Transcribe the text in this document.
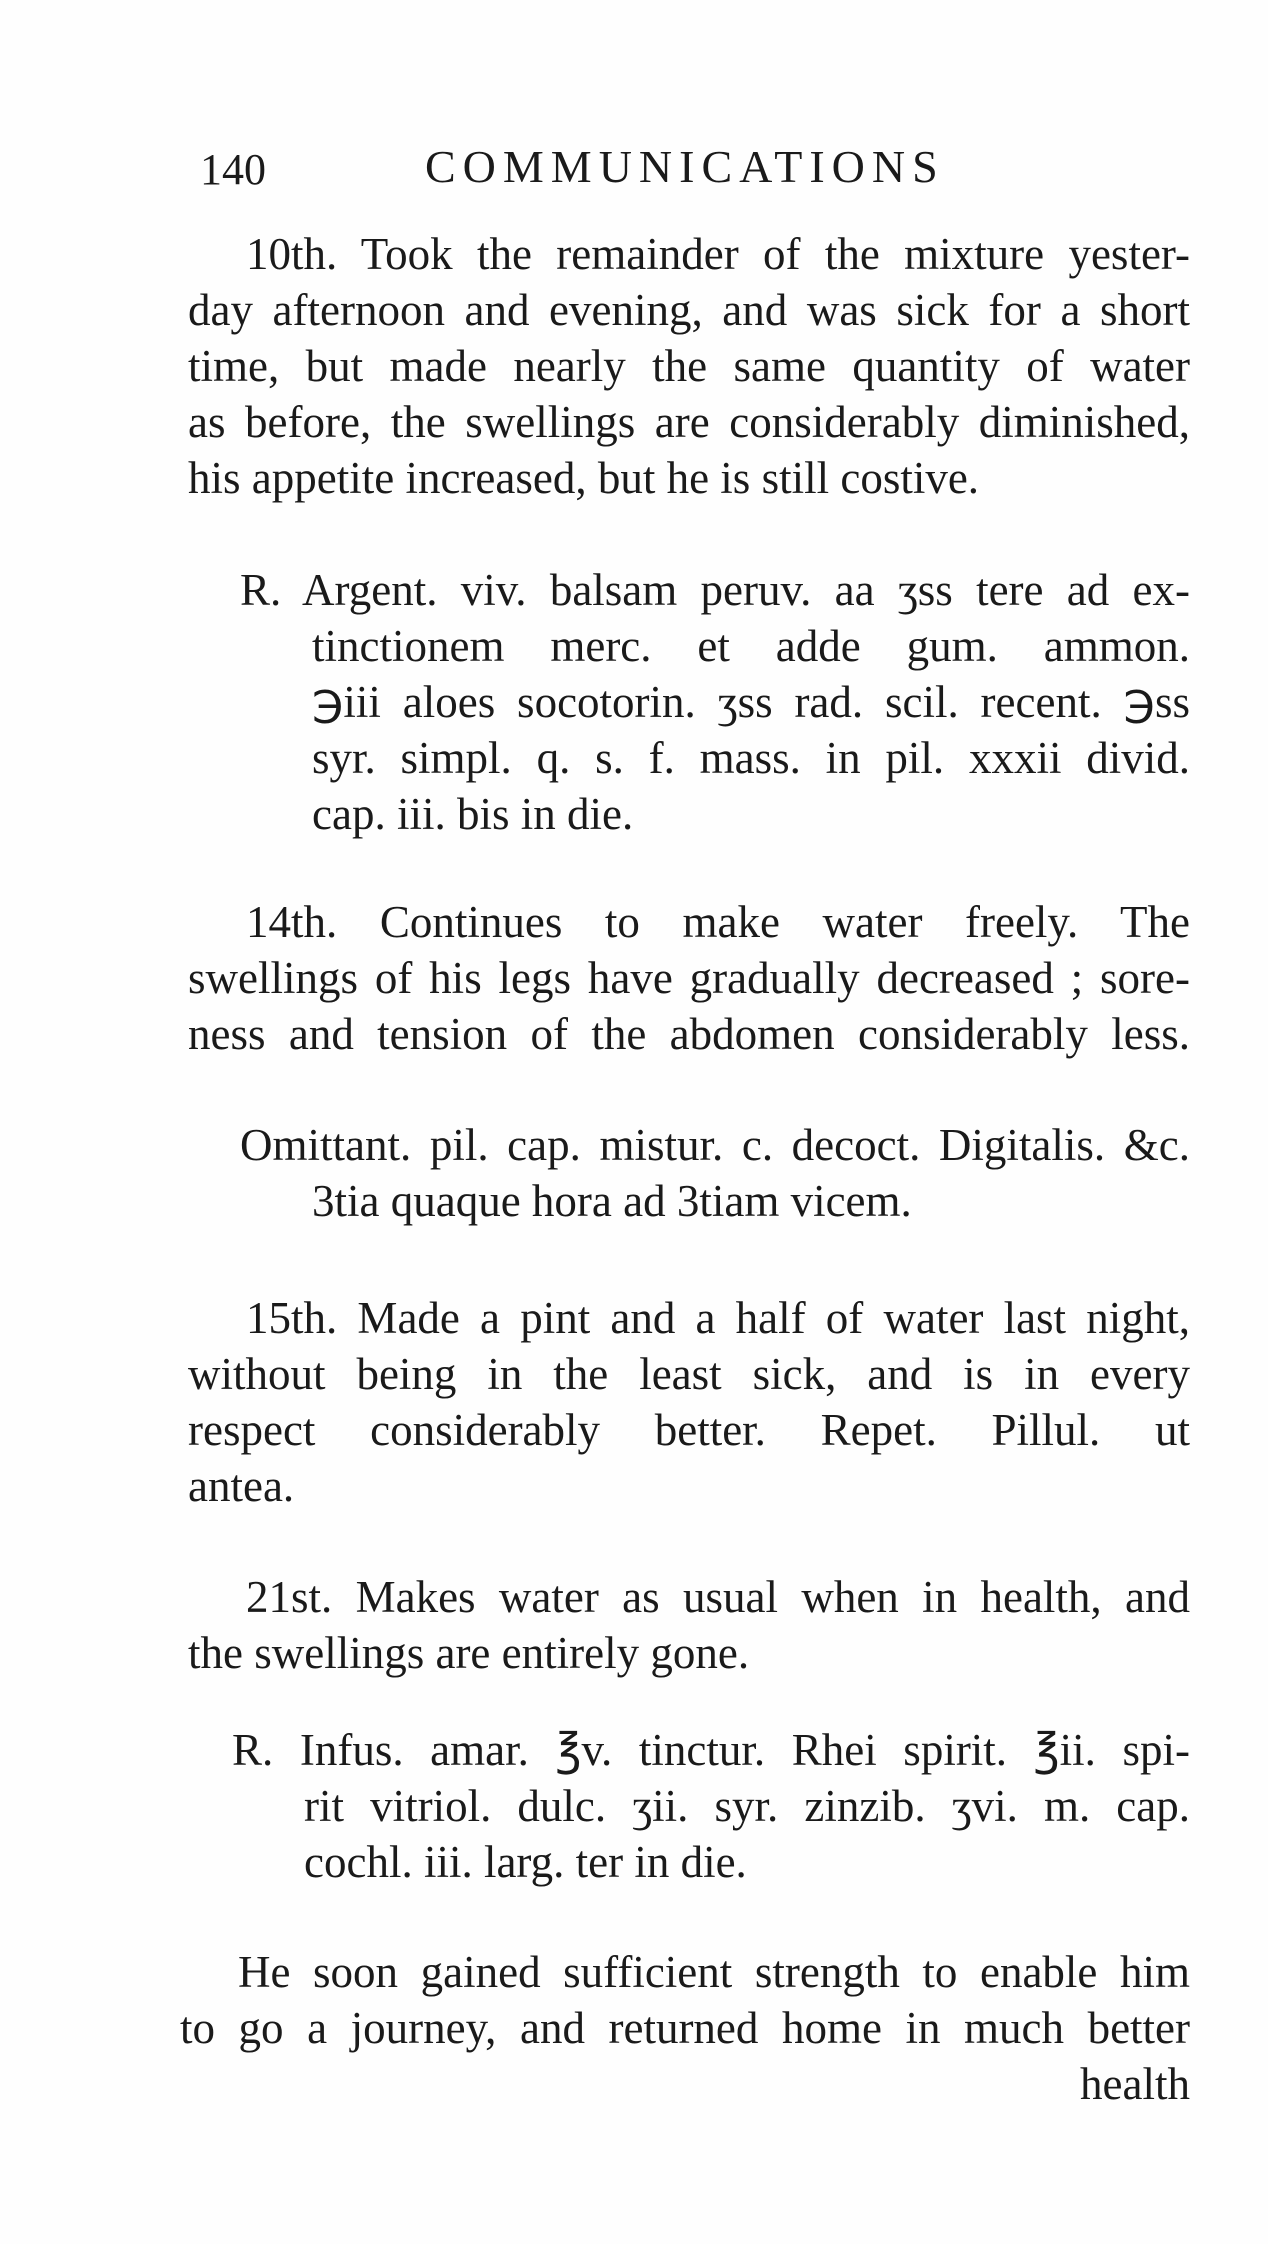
140	COMMUNICATIONS
10th. Took the remainder of the mixture yester-
day afternoon and evening, and was sick for a short
time, but made nearly the same quantity of water
as before, the swellings are considerably diminished,
his appetite increased, but he is still costive.
R. Argent. viv. balsam peruv. aa ʒss tere ad ex-
tinctionem merc. et adde gum. ammon.
℈iii aloes socotorin. ʒss rad. scil. recent. ℈ss
syr. simpl. q. s. f. mass. in pil. xxxii divid.
cap. iii. bis in die.
14th. Continues to make water freely. The
swellings of his legs have gradually decreased ; sore-
ness and tension of the abdomen considerably less.
Omittant. pil. cap. mistur. c. decoct. Digitalis. &c.
3tia quaque hora ad 3tiam vicem.
15th. Made a pint and a half of water last night,
without being in the least sick, and is in every
respect considerably better. Repet. Pillul. ut
antea.
21st. Makes water as usual when in health, and
the swellings are entirely gone.
R. Infus. amar. ℥v. tinctur. Rhei spirit. ℥ii. spi-
rit vitriol. dulc. ʒii. syr. zinzib. ʒvi. m. cap.
cochl. iii. larg. ter in die.
He soon gained sufficient strength to enable him
to go a journey, and returned home in much better
health
